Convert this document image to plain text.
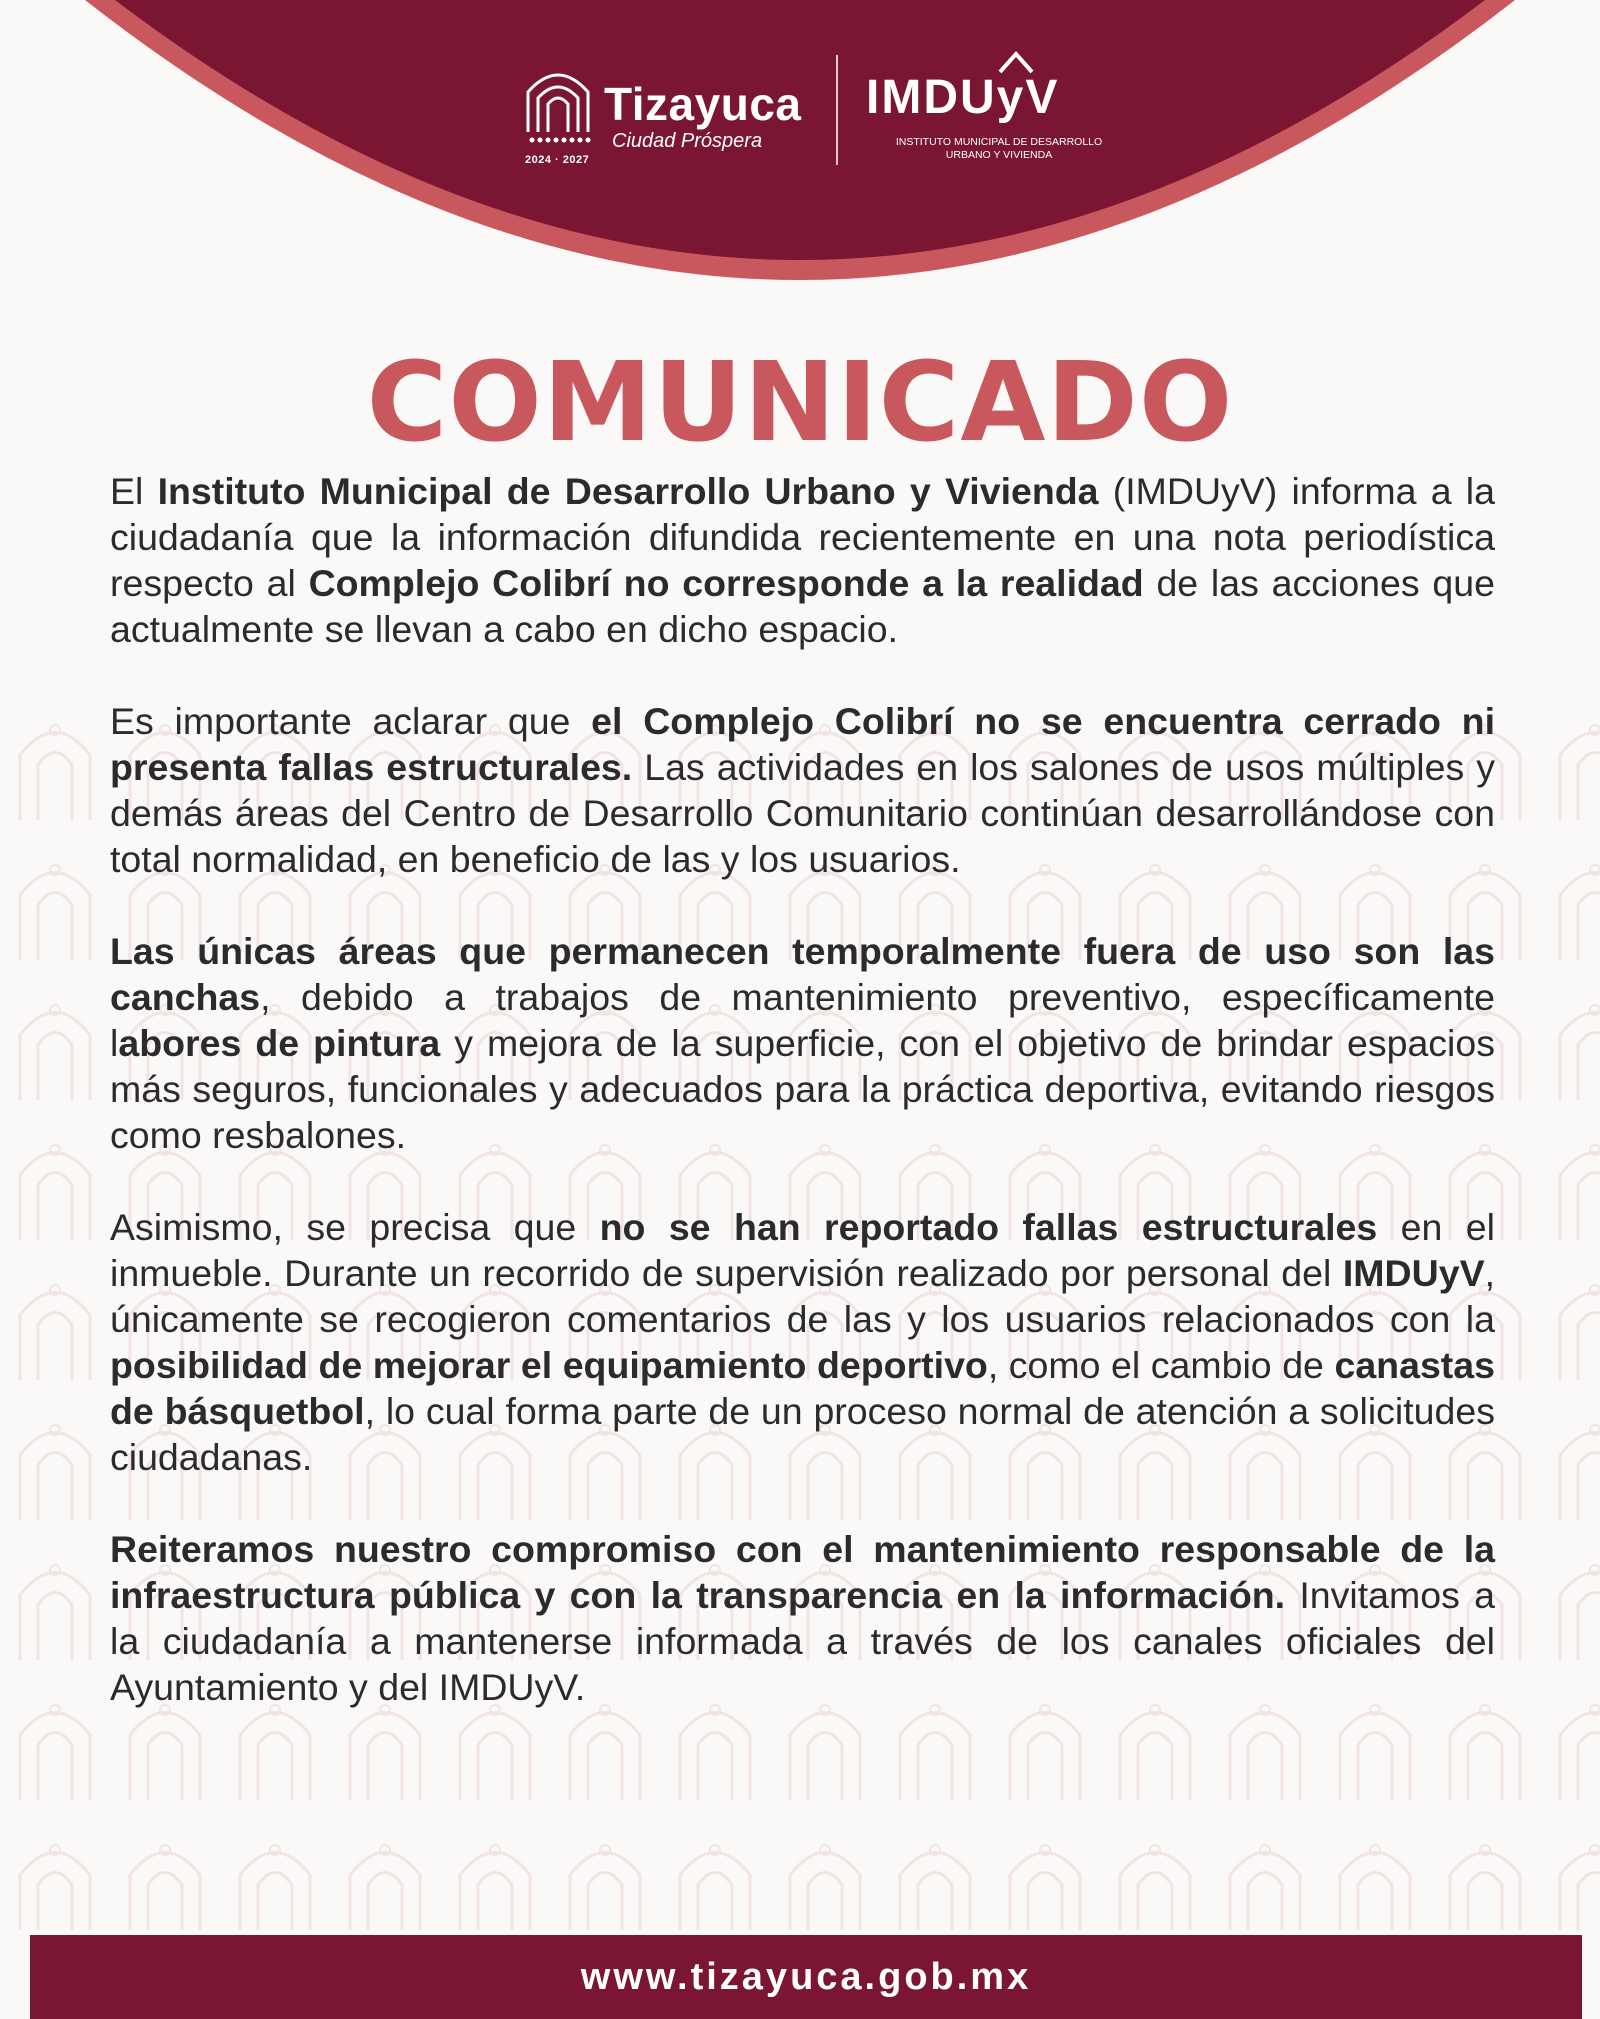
Tizayuca
Ciudad Próspera
2024 · 2027
IMDUyV
INSTITUTO MUNICIPAL DE DESARROLLO URBANO Y VIVIENDA
COMUNICADO

El Instituto Municipal de Desarrollo Urbano y Vivienda (IMDUyV) informa a la ciudadanía que la información difundida recientemente en una nota periodística respecto al Complejo Colibrí no corresponde a la realidad de las acciones que actualmente se llevan a cabo en dicho espacio.

Es importante aclarar que el Complejo Colibrí no se encuentra cerrado ni presenta fallas estructurales. Las actividades en los salones de usos múltiples y demás áreas del Centro de Desarrollo Comunitario continúan desarrollándose con total normalidad, en beneficio de las y los usuarios.

Las únicas áreas que permanecen temporalmente fuera de uso son las canchas, debido a trabajos de mantenimiento preventivo, específicamente labores de pintura y mejora de la superficie, con el objetivo de brindar espacios más seguros, funcionales y adecuados para la práctica deportiva, evitando riesgos como resbalones.

Asimismo, se precisa que no se han reportado fallas estructurales en el inmueble. Durante un recorrido de supervisión realizado por personal del IMDUyV, únicamente se recogieron comentarios de las y los usuarios relacionados con la posibilidad de mejorar el equipamiento deportivo, como el cambio de canastas de básquetbol, lo cual forma parte de un proceso normal de atención a solicitudes ciudadanas.

Reiteramos nuestro compromiso con el mantenimiento responsable de la infraestructura pública y con la transparencia en la información. Invitamos a la ciudadanía a mantenerse informada a través de los canales oficiales del Ayuntamiento y del IMDUyV.

www.tizayuca.gob.mx
